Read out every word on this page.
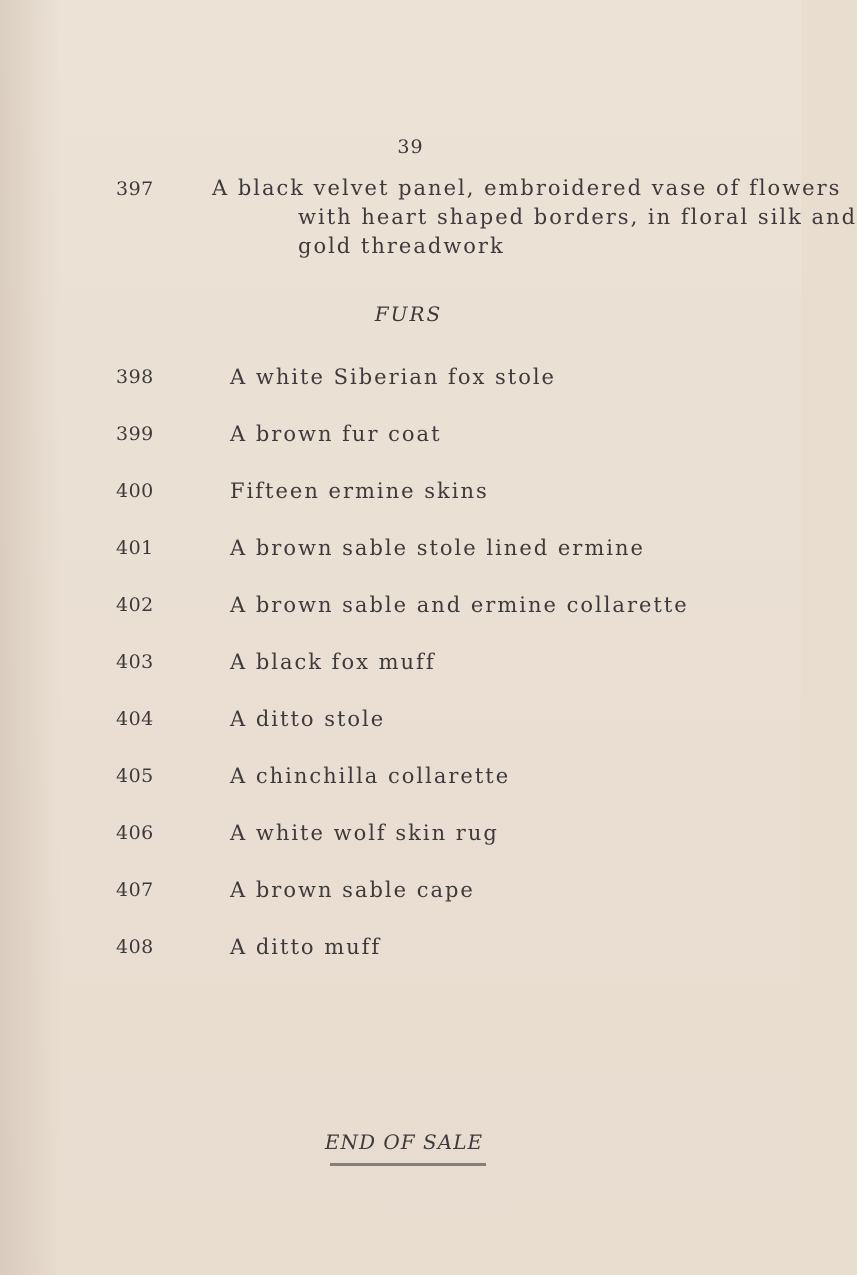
39
397	A black velvet panel, embroidered vase of flowers
with heart shaped borders, in floral silk and
gold threadwork
FURS
398	A white Siberian fox stole
399	A brown fur coat
400	Fifteen ermine skins
401	A brown sable stole lined ermine
402	A brown sable and ermine collarette
403	A black fox muff
404	A ditto stole
405	A chinchilla collarette
406	A white wolf skin rug
407	A brown sable cape
408	A ditto muff
END OF SALE
